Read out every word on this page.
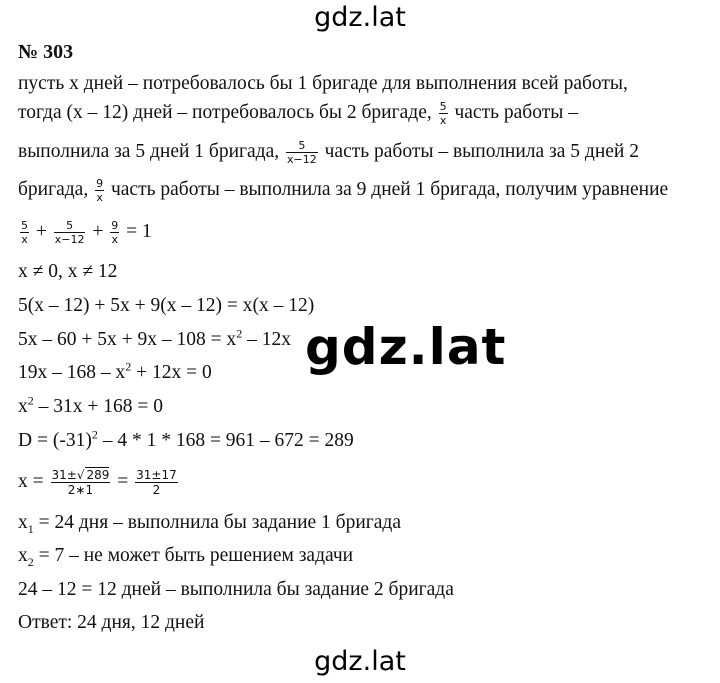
gdz.lat
№ 303
пусть x дней – потребовалось бы 1 бригаде для выполнения всей работы,
тогда (x – 12) дней – потребовалось бы 2 бригаде, $\frac{5}{x}$ часть работы –
выполнила за 5 дней 1 бригада, $\frac{5}{x-12}$ часть работы – выполнила за 5 дней 2
бригада, $\frac{9}{x}$ часть работы – выполнила за 9 дней 1 бригада, получим уравнение
$\frac{5}{x} + \frac{5}{x-12} + \frac{9}{x} = 1$
x ≠ 0, x ≠ 12
5(x – 12) + 5x + 9(x – 12) = x(x – 12)
$5x - 60 + 5x + 9x - 108 = x^2 - 12x$
$19x - 168 - x^2 + 12x = 0$
$x^2 - 31x + 168 = 0$
$D = (-31)^2 - 4 * 1 * 168 = 961 - 672 = 289$
$x = \frac{31\pm√ 289}{2∗1} = \frac{31\pm 17}{2}$
$x_1 = 24$ дня – выполнила бы задание 1 бригада
$x_2 = 7$ – не может быть решением задачи
24 – 12 = 12 дней – выполнила бы задание 2 бригада
Ответ: 24 дня, 12 дней
gdz.lat
gdz.lat
